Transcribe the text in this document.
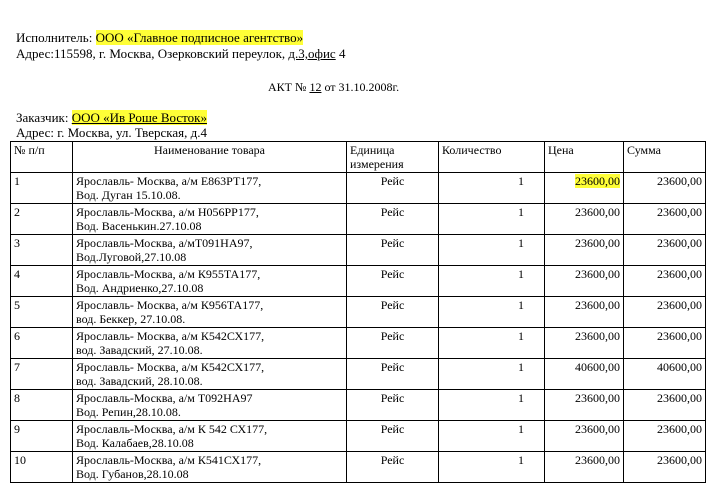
Исполнитель: ООО «Главное подписное агентство»
Адрес:115598, г. Москва, Озерковский переулок, д.3,офис 4
АКТ № 12 от 31.10.2008г.
Заказчик: ООО «Ив Роше Восток»
Адрес: г. Москва, ул. Тверская, д.4
№ п/п	Наименование товара	Единица измерения	Количество	Цена	Сумма
1	Ярославль- Москва, а/м Е863РТ177,
Вод. Дуган 15.10.08.	Рейс	1	23600,00	23600,00
2	Ярославль-Москва, а/м Н056РР177,
Вод. Васенькин.27.10.08	Рейс	1	23600,00	23600,00
3	Ярославль-Москва, а/мТ091НА97,
Вод.Луговой,27.10.08	Рейс	1	23600,00	23600,00
4	Ярославль-Москва, а/м К955ТА177,
Вод. Андриенко,27.10.08	Рейс	1	23600,00	23600,00
5	Ярославль- Москва, а/м К956ТА177,
вод. Беккер, 27.10.08.	Рейс	1	23600,00	23600,00
6	Ярославль- Москва, а/м К542СХ177,
вод. Завадский, 27.10.08.	Рейс	1	23600,00	23600,00
7	Ярославль- Москва, а/м К542СХ177,
вод. Завадский, 28.10.08.	Рейс	1	40600,00	40600,00
8	Ярославль-Москва, а/м Т092НА97
Вод. Репин,28.10.08.	Рейс	1	23600,00	23600,00
9	Ярославль-Москва, а/м К 542 СХ177,
Вод. Калабаев,28.10.08	Рейс	1	23600,00	23600,00
10	Ярославль-Москва, а/м К541СХ177,
Вод. Губанов,28.10.08	Рейс	1	23600,00	23600,00
